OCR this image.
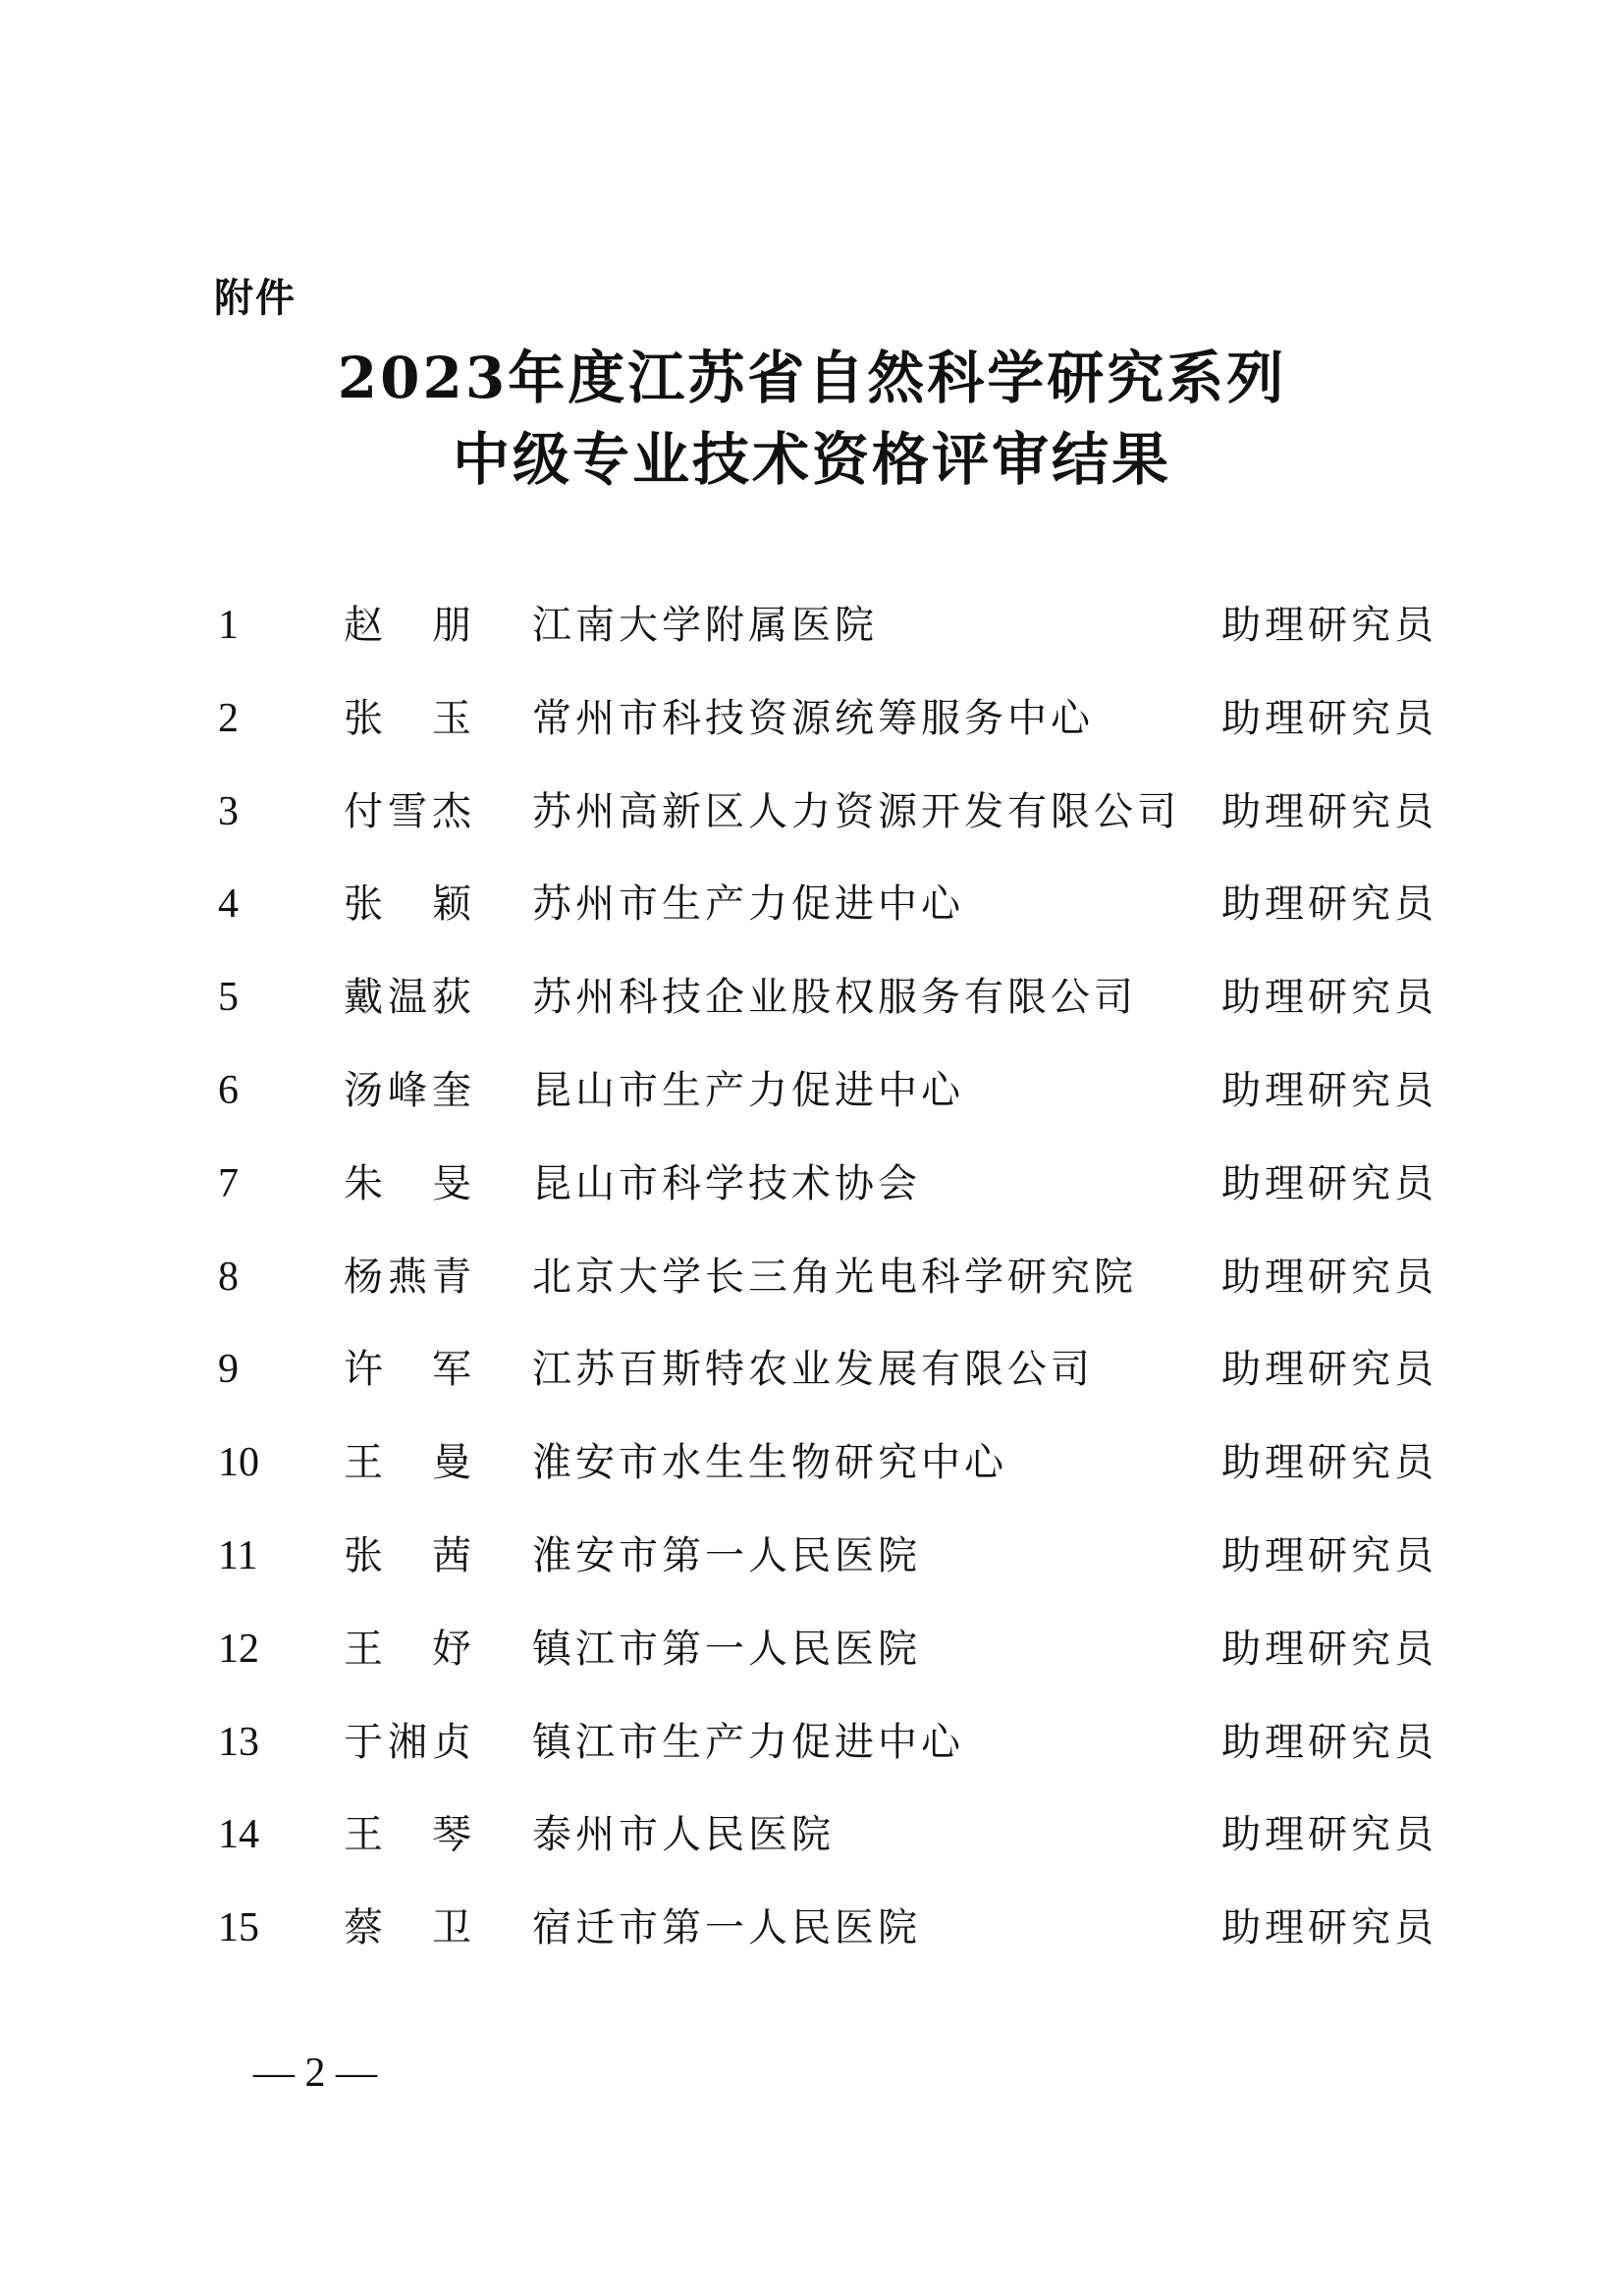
附件
2023年度江苏省自然科学研究系列
中级专业技术资格评审结果
1	赵朋 江南大学附属医院	助理研究员
2	张玉 常州市科技资源统筹服务中心	助理研究员
3	付雪杰 苏州高新区人力资源开发有限公司 助理研究员
4	张颖 苏州市生产力促进中心	助理研究员
5	戴温荻 苏州科技企业股权服务有限公司 助理研究员
6	汤峰奎 昆山市生产力促进中心	助理研究员
7	朱旻 昆山市科学技术协会	助理研究员
8	杨燕青 北京大学长三角光电科学研究院 助理研究员
9	许军 江苏百斯特农业发展有限公司	助理研究员
10 王曼 淮安市水生生物研究中心	助理研究员
11 张茜 淮安市第一人民医院	助理研究员
12 王妤 镇江市第一人民医院	助理研究员
13 于湘贞 镇江市生产力促进中心	助理研究员
14 王琴 泰州市人民医院	助理研究员
15 蔡卫 宿迁市第一人民医院	助理研究员
— 2 —
